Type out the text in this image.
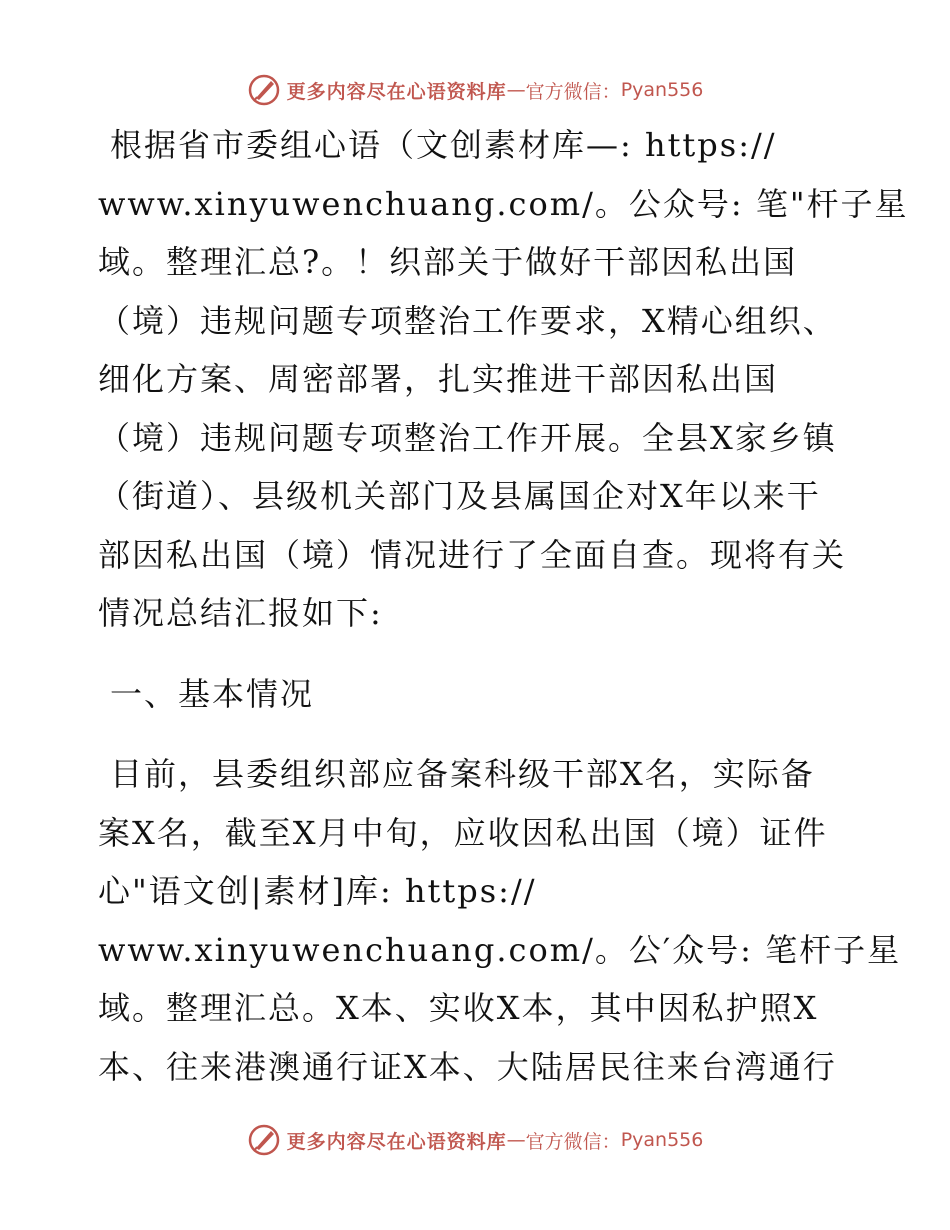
更多内容尽在心语资料库 — 官方微信： Pyan556
根据省市委组心语（文创素材库—: https://
www.xinyuwenchuang.com/。公众号: 笔"杆子星
域。整理汇总?。！织部关于做好干部因私出国
（境）违规问题专项整治工作要求，X精心组织、
细化方案、周密部署，扎实推进干部因私出国
（境）违规问题专项整治工作开展。全县X家乡镇
（街道）、县级机关部门及县属国企对X年以来干
部因私出国（境）情况进行了全面自查。现将有关
情况总结汇报如下:
一、基本情况
目前，县委组织部应备案科级干部X名，实际备
案X名，截至X月中旬，应收因私出国（境）证件
心"语文创|素材]库: https://
www.xinyuwenchuang.com/。公′众号: 笔杆子星
域。整理汇总。X本、实收X本，其中因私护照X
本、往来港澳通行证X本、大陆居民往来台湾通行
更多内容尽在心语资料库 — 官方微信： Pyan556
